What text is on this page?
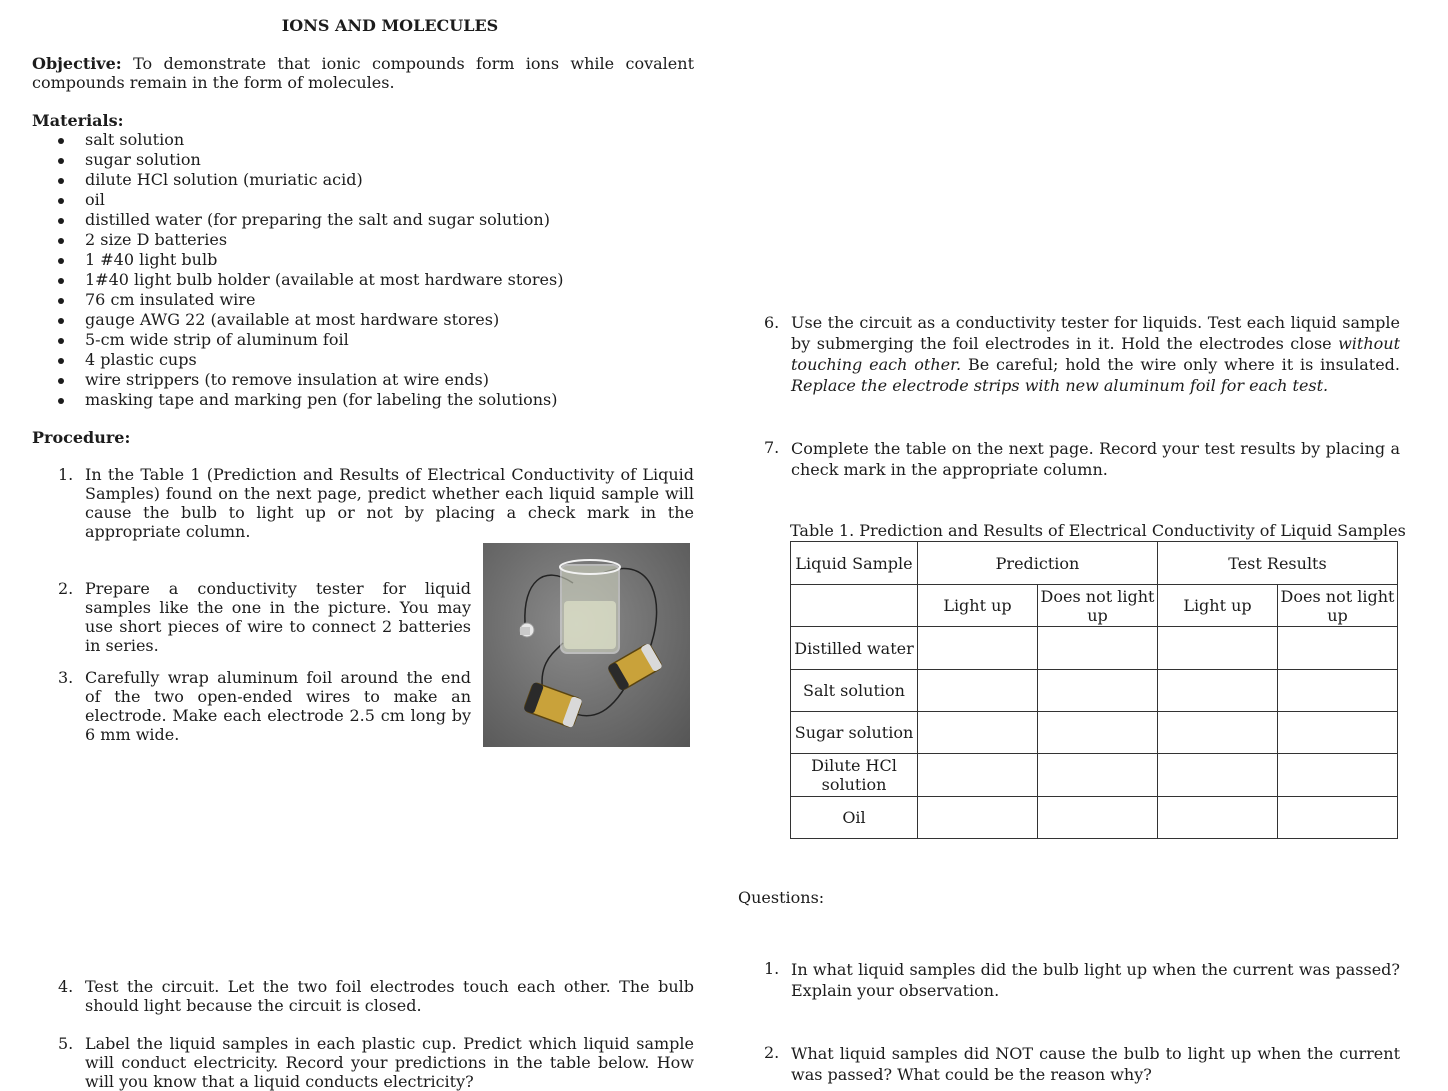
IONS AND MOLECULES
Objective: To demonstrate that ionic compounds form ions while covalent compounds remain in the form of molecules.
Materials:
salt solution
sugar solution
dilute HCl solution (muriatic acid)
oil
distilled water (for preparing the salt and sugar solution)
2 size D batteries
1 #40 light bulb
1#40 light bulb holder (available at most hardware stores)
76 cm insulated wire
gauge AWG 22 (available at most hardware stores)
5-cm wide strip of aluminum foil
4 plastic cups
wire strippers (to remove insulation at wire ends)
masking tape and marking pen (for labeling the solutions)
Procedure:
1. In the Table 1 (Prediction and Results of Electrical Conductivity of Liquid Samples) found on the next page, predict whether each liquid sample will cause the bulb to light up or not by placing a check mark in the appropriate column.
2. Prepare a conductivity tester for liquid samples like the one in the picture. You may use short pieces of wire to connect 2 batteries in series.
3. Carefully wrap aluminum foil around the end of the two open-ended wires to make an electrode. Make each electrode 2.5 cm long by 6 mm wide.
4. Test the circuit. Let the two foil electrodes touch each other. The bulb should light because the circuit is closed.
5. Label the liquid samples in each plastic cup. Predict which liquid sample will conduct electricity. Record your predictions in the table below. How will you know that a liquid conducts electricity?
6. Use the circuit as a conductivity tester for liquids. Test each liquid sample by submerging the foil electrodes in it. Hold the electrodes close without touching each other. Be careful; hold the wire only where it is insulated. Replace the electrode strips with new aluminum foil for each test.
7. Complete the table on the next page. Record your test results by placing a check mark in the appropriate column.
Table 1. Prediction and Results of Electrical Conductivity of Liquid Samples
Liquid Sample	Prediction		Test Results	
	Light up	Does not light up	Light up	Does not light up
Distilled water				
Salt solution				
Sugar solution				
Dilute HCl solution				
Oil				
Questions:
1. In what liquid samples did the bulb light up when the current was passed? Explain your observation.
2. What liquid samples did NOT cause the bulb to light up when the current was passed? What could be the reason why?
